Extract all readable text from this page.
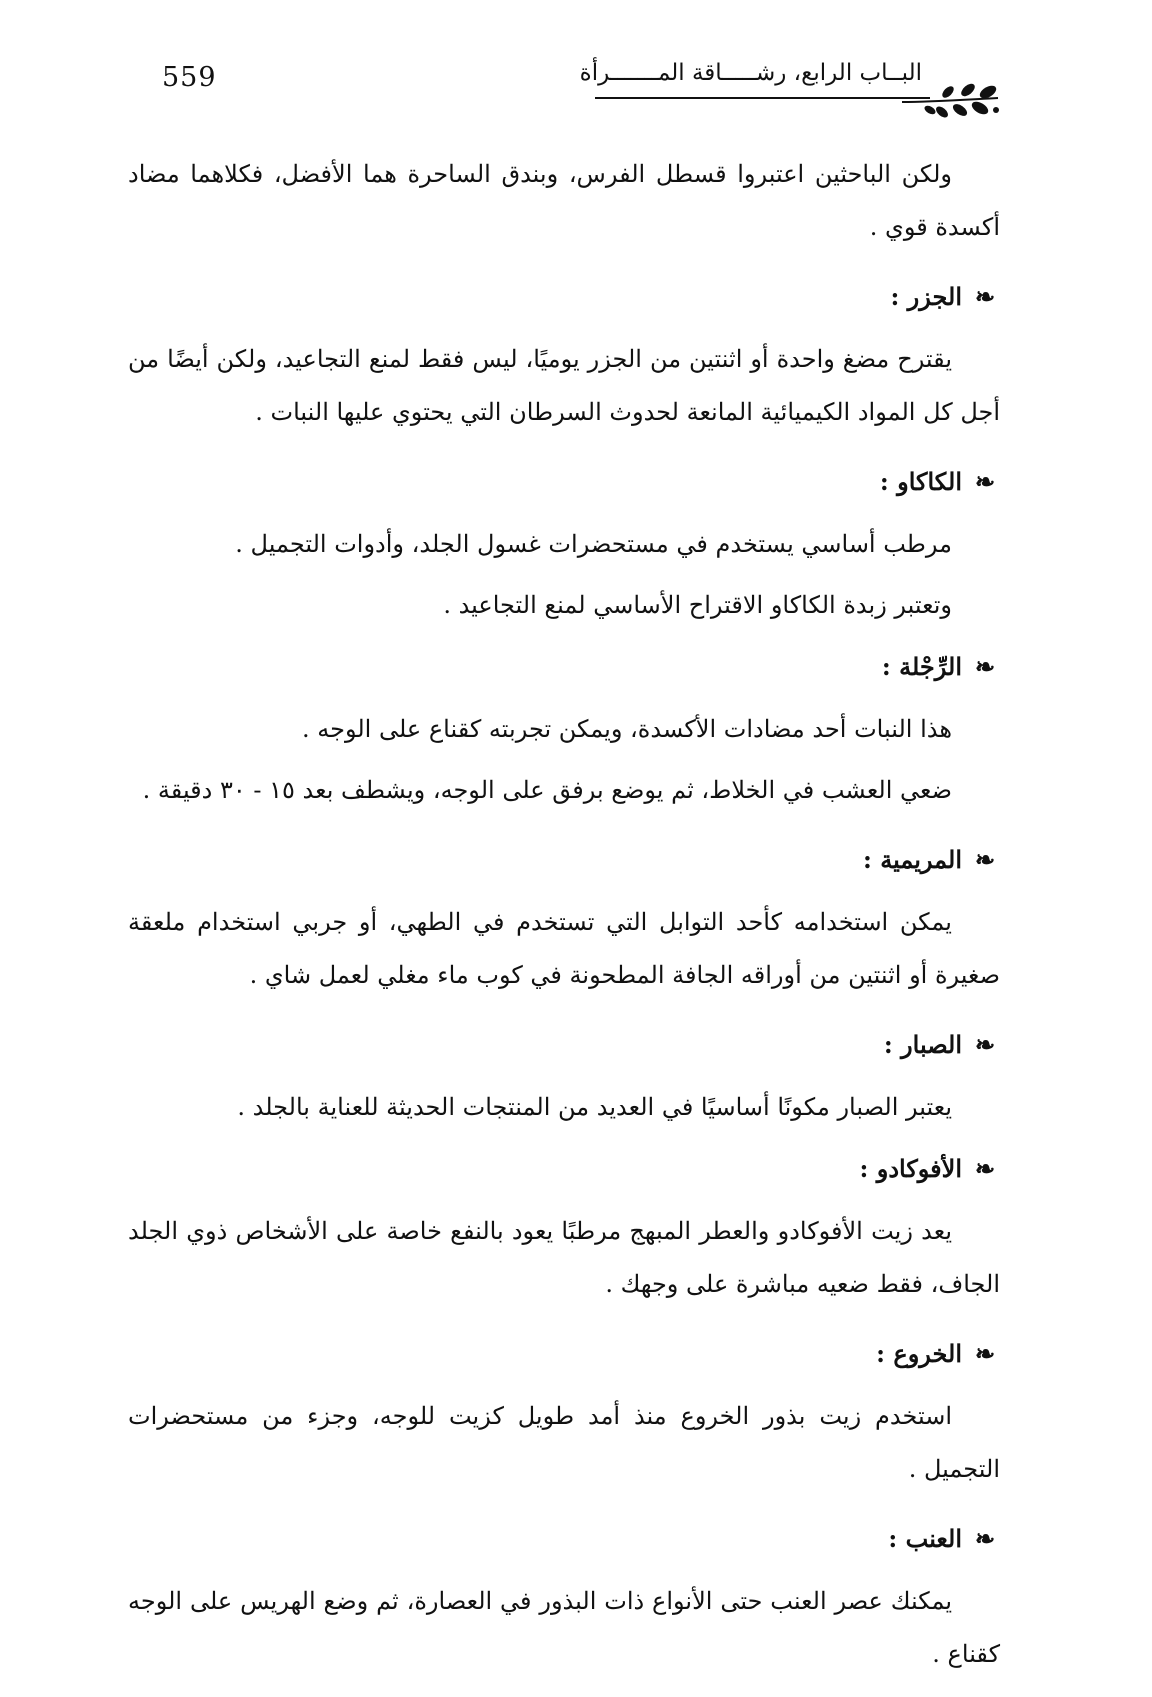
559	البــاب الرابع، رشـــــاقة المـــــــرأة

ولكن الباحثين اعتبروا قسطل الفرس، وبندق الساحرة هما الأفضل، فكلاهما مضاد أكسدة قوي .

❧الجزر :

يقترح مضغ واحدة أو اثنتين من الجزر يوميًا، ليس فقط لمنع التجاعيد، ولكن أيضًا من أجل كل المواد الكيميائية المانعة لحدوث السرطان التي يحتوي عليها النبات .

❧الكاكاو :

مرطب أساسي يستخدم في مستحضرات غسول الجلد، وأدوات التجميل .

وتعتبر زبدة الكاكاو الاقتراح الأساسي لمنع التجاعيد .

❧الرِّجْلة :

هذا النبات أحد مضادات الأكسدة، ويمكن تجربته كقناع على الوجه .

ضعي العشب في الخلاط، ثم يوضع برفق على الوجه، ويشطف بعد ١٥ - ٣٠ دقيقة .

❧المريمية :

يمكن استخدامه كأحد التوابل التي تستخدم في الطهي، أو جربي استخدام ملعقة صغيرة أو اثنتين من أوراقه الجافة المطحونة في كوب ماء مغلي لعمل شاي .

❧الصبار :

يعتبر الصبار مكونًا أساسيًا في العديد من المنتجات الحديثة للعناية بالجلد .

❧الأفوكادو :

يعد زيت الأفوكادو والعطر المبهج مرطبًا يعود بالنفع خاصة على الأشخاص ذوي الجلد الجاف، فقط ضعيه مباشرة على وجهك .

❧الخروع :

استخدم زيت بذور الخروع منذ أمد طويل كزيت للوجه، وجزء من مستحضرات التجميل .

❧العنب :

يمكنك عصر العنب حتى الأنواع ذات البذور في العصارة، ثم وضع الهريس على الوجه كقناع .
